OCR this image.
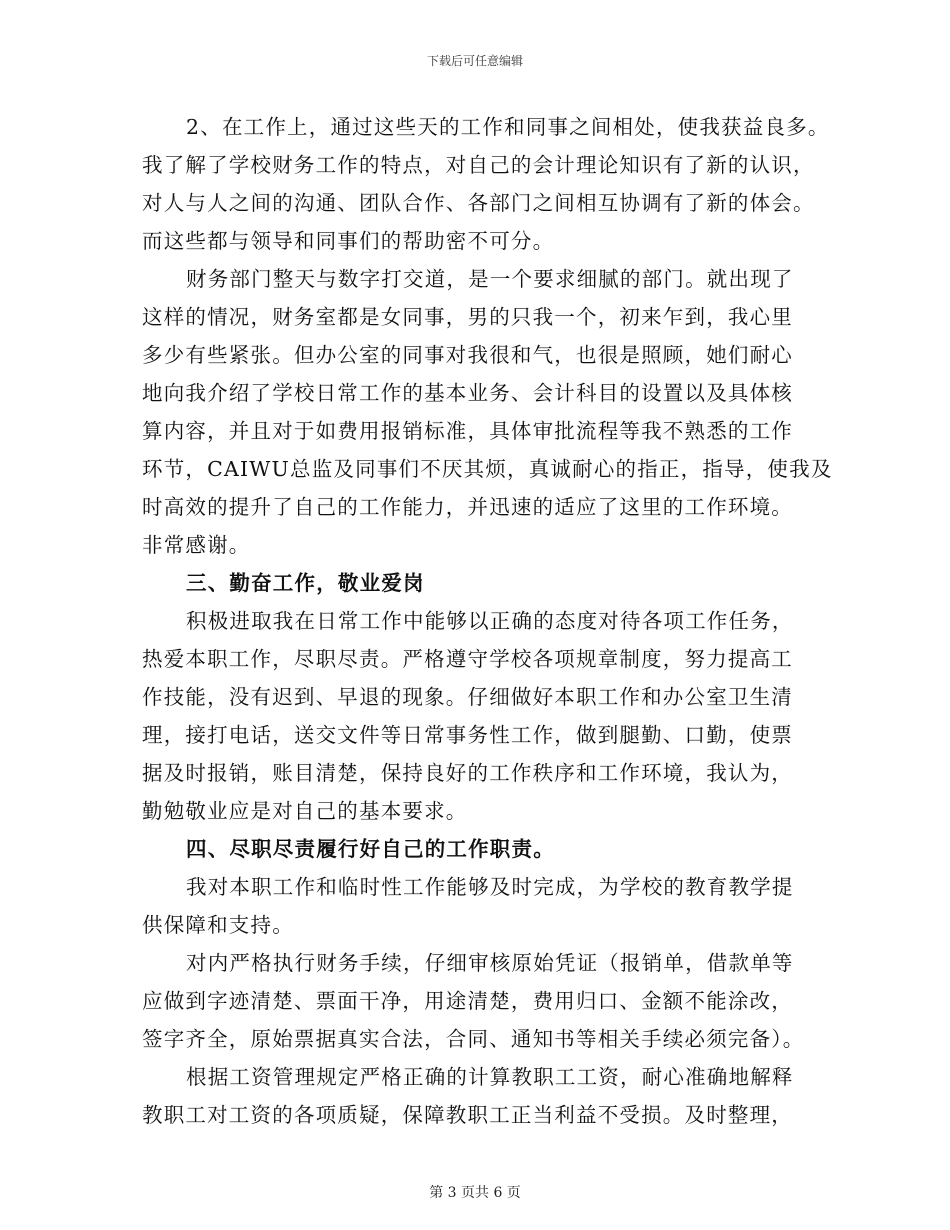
下载后可任意编辑
2、在工作上，通过这些天的工作和同事之间相处，使我获益良多。
我了解了学校财务工作的特点，对自己的会计理论知识有了新的认识，
对人与人之间的沟通、团队合作、各部门之间相互协调有了新的体会。
而这些都与领导和同事们的帮助密不可分。
财务部门整天与数字打交道，是一个要求细腻的部门。就出现了
这样的情况，财务室都是女同事，男的只我一个，初来乍到，我心里
多少有些紧张。但办公室的同事对我很和气，也很是照顾，她们耐心
地向我介绍了学校日常工作的基本业务、会计科目的设置以及具体核
算内容，并且对于如费用报销标准，具体审批流程等我不熟悉的工作
环节，CAIWU总监及同事们不厌其烦，真诚耐心的指正，指导，使我及
时高效的提升了自己的工作能力，并迅速的适应了这里的工作环境。
非常感谢。
三、勤奋工作，敬业爱岗
积极进取我在日常工作中能够以正确的态度对待各项工作任务，
热爱本职工作，尽职尽责。严格遵守学校各项规章制度，努力提高工
作技能，没有迟到、早退的现象。仔细做好本职工作和办公室卫生清
理，接打电话，送交文件等日常事务性工作，做到腿勤、口勤，使票
据及时报销，账目清楚，保持良好的工作秩序和工作环境，我认为，
勤勉敬业应是对自己的基本要求。
四、尽职尽责履行好自己的工作职责。
我对本职工作和临时性工作能够及时完成，为学校的教育教学提
供保障和支持。
对内严格执行财务手续，仔细审核原始凭证（报销单，借款单等
应做到字迹清楚、票面干净，用途清楚，费用归口、金额不能涂改，
签字齐全，原始票据真实合法，合同、通知书等相关手续必须完备）。
根据工资管理规定严格正确的计算教职工工资，耐心准确地解释
教职工对工资的各项质疑，保障教职工正当利益不受损。及时整理，
第 3 页共 6 页
